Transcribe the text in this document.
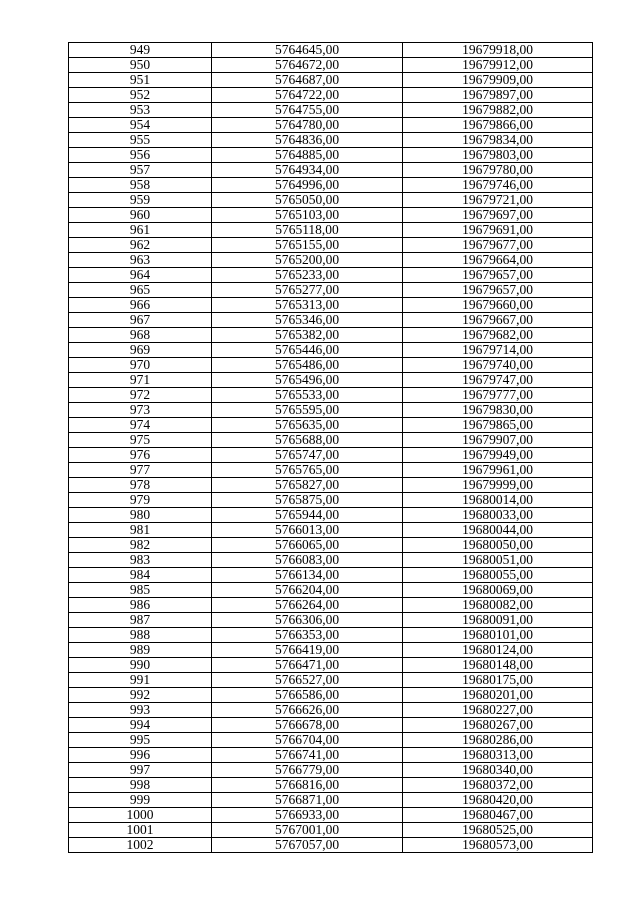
949	5764645,00	19679918,00
950	5764672,00	19679912,00
951	5764687,00	19679909,00
952	5764722,00	19679897,00
953	5764755,00	19679882,00
954	5764780,00	19679866,00
955	5764836,00	19679834,00
956	5764885,00	19679803,00
957	5764934,00	19679780,00
958	5764996,00	19679746,00
959	5765050,00	19679721,00
960	5765103,00	19679697,00
961	5765118,00	19679691,00
962	5765155,00	19679677,00
963	5765200,00	19679664,00
964	5765233,00	19679657,00
965	5765277,00	19679657,00
966	5765313,00	19679660,00
967	5765346,00	19679667,00
968	5765382,00	19679682,00
969	5765446,00	19679714,00
970	5765486,00	19679740,00
971	5765496,00	19679747,00
972	5765533,00	19679777,00
973	5765595,00	19679830,00
974	5765635,00	19679865,00
975	5765688,00	19679907,00
976	5765747,00	19679949,00
977	5765765,00	19679961,00
978	5765827,00	19679999,00
979	5765875,00	19680014,00
980	5765944,00	19680033,00
981	5766013,00	19680044,00
982	5766065,00	19680050,00
983	5766083,00	19680051,00
984	5766134,00	19680055,00
985	5766204,00	19680069,00
986	5766264,00	19680082,00
987	5766306,00	19680091,00
988	5766353,00	19680101,00
989	5766419,00	19680124,00
990	5766471,00	19680148,00
991	5766527,00	19680175,00
992	5766586,00	19680201,00
993	5766626,00	19680227,00
994	5766678,00	19680267,00
995	5766704,00	19680286,00
996	5766741,00	19680313,00
997	5766779,00	19680340,00
998	5766816,00	19680372,00
999	5766871,00	19680420,00
1000	5766933,00	19680467,00
1001	5767001,00	19680525,00
1002	5767057,00	19680573,00
